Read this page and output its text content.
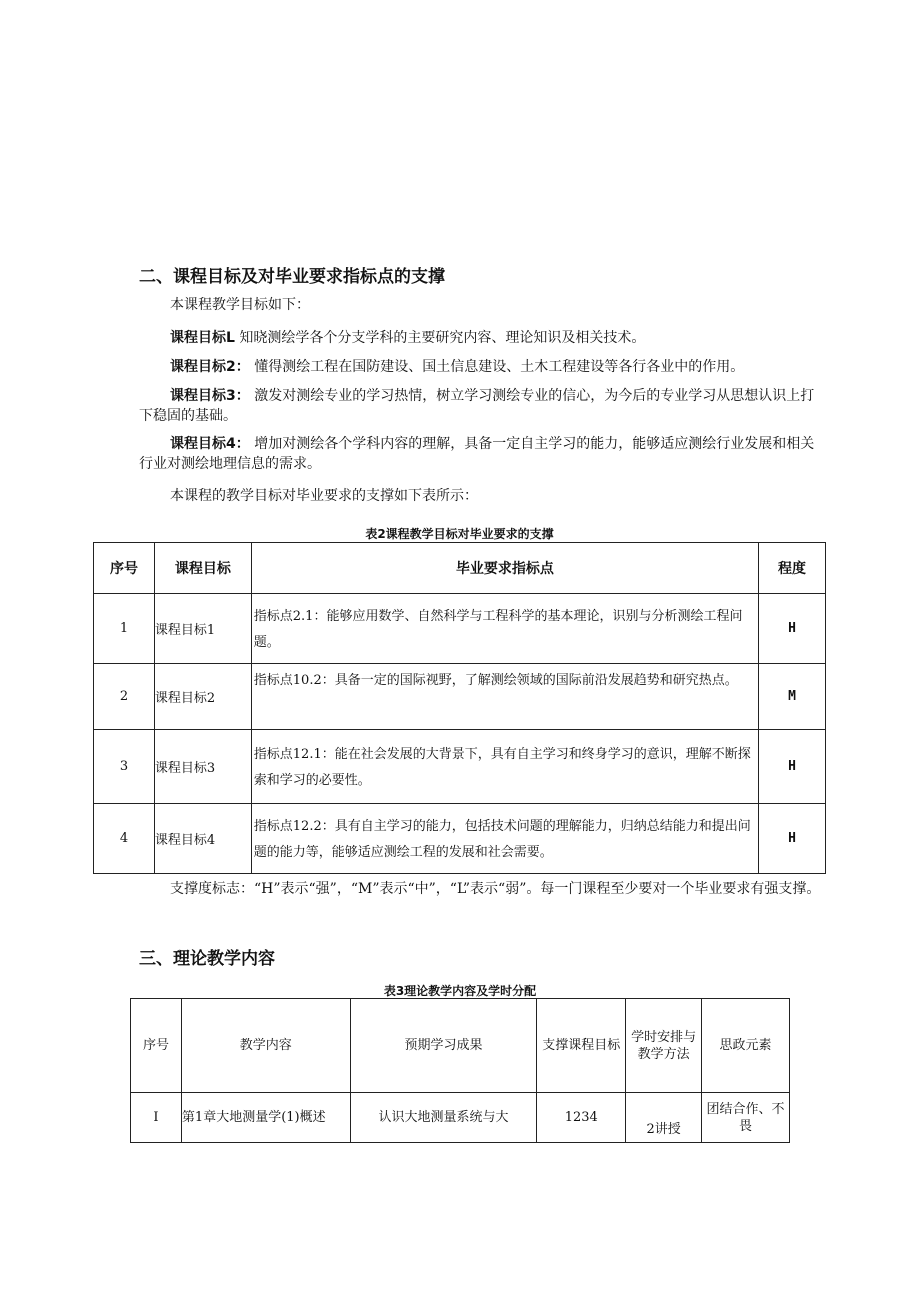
二、课程目标及对毕业要求指标点的支撑
本课程教学目标如下：
课程目标L 知晓测绘学各个分支学科的主要研究内容、理论知识及相关技术。
课程目标2： 懂得测绘工程在国防建设、国土信息建设、土木工程建设等各行各业中的作用。
课程目标3： 激发对测绘专业的学习热情，树立学习测绘专业的信心，为今后的专业学习从思想认识上打下稳固的基础。
课程目标4： 增加对测绘各个学科内容的理解，具备一定自主学习的能力，能够适应测绘行业发展和相关行业对测绘地理信息的需求。
本课程的教学目标对毕业要求的支撑如下表所示：
表2课程教学目标对毕业要求的支撑
序号	课程目标	毕业要求指标点	程度
1	课程目标1	指标点2.1：能够应用数学、自然科学与工程科学的基本理论，识别与分析测绘工程问题。	H
2	课程目标2	指标点10.2：具备一定的国际视野，了解测绘领域的国际前沿发展趋势和研究热点。	M
3	课程目标3	指标点12.1：能在社会发展的大背景下，具有自主学习和终身学习的意识，理解不断探索和学习的必要性。	H
4	课程目标4	指标点12.2：具有自主学习的能力，包括技术问题的理解能力，归纳总结能力和提出问题的能力等，能够适应测绘工程的发展和社会需要。	H
支撑度标志：“H”表示“强”，“M”表示“中”，“L”表示“弱”。每一门课程至少要对一个毕业要求有强支撑。
三、理论教学内容
表3理论教学内容及学时分配
序号	教学内容	预期学习成果	支撑课程目标	学时安排与教学方法	思政元素
I	第1章大地测量学(1)概述	认识大地测量系统与大	1234	2讲授	团结合作、不畏
